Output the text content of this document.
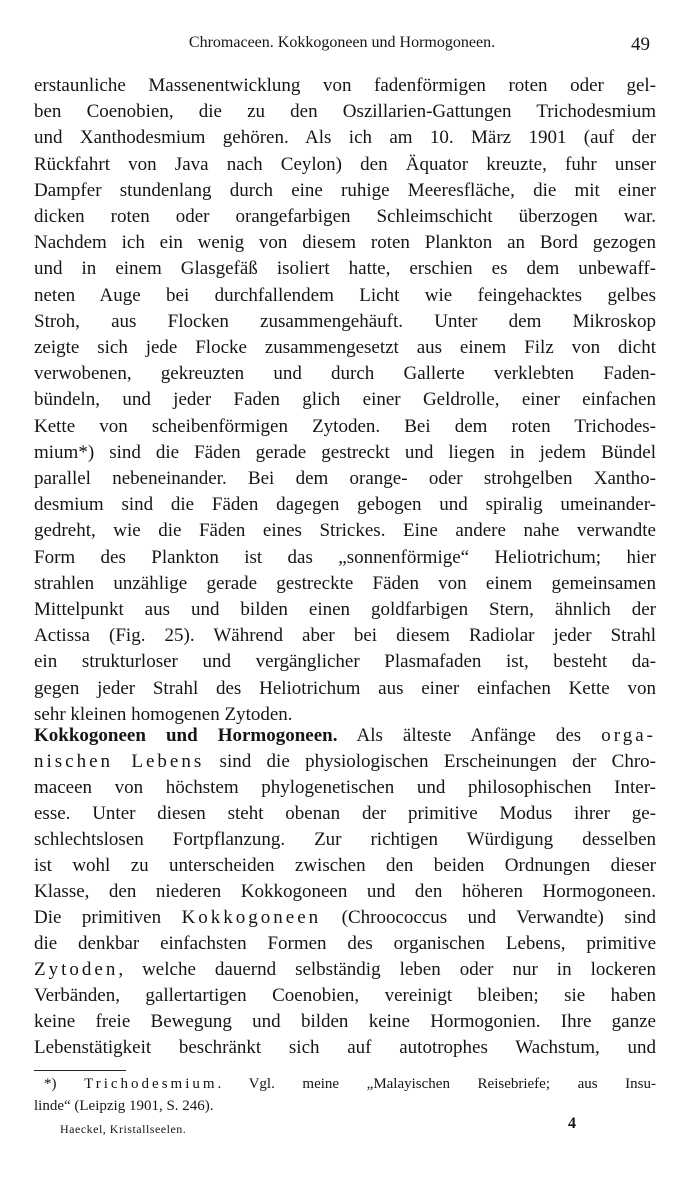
Chromaceen. Kokkogoneen und Hormogoneen.	49
erstaunliche Massenentwicklung von fadenförmigen roten oder gel-
ben Coenobien, die zu den Oszillarien-Gattungen Trichodesmium
und Xanthodesmium gehören. Als ich am 10. März 1901 (auf der
Rückfahrt von Java nach Ceylon) den Äquator kreuzte, fuhr unser
Dampfer stundenlang durch eine ruhige Meeresfläche, die mit einer
dicken roten oder orangefarbigen Schleimschicht überzogen war.
Nachdem ich ein wenig von diesem roten Plankton an Bord gezogen
und in einem Glasgefäß isoliert hatte, erschien es dem unbewaff-
neten Auge bei durchfallendem Licht wie feingehacktes gelbes
Stroh, aus Flocken zusammengehäuft. Unter dem Mikroskop
zeigte sich jede Flocke zusammengesetzt aus einem Filz von dicht
verwobenen, gekreuzten und durch Gallerte verklebten Faden-
bündeln, und jeder Faden glich einer Geldrolle, einer einfachen
Kette von scheibenförmigen Zytoden. Bei dem roten Trichodes-
mium*) sind die Fäden gerade gestreckt und liegen in jedem Bündel
parallel nebeneinander. Bei dem orange- oder strohgelben Xantho-
desmium sind die Fäden dagegen gebogen und spiralig umeinander-
gedreht, wie die Fäden eines Strickes. Eine andere nahe verwandte
Form des Plankton ist das „sonnenförmige“ Heliotrichum; hier
strahlen unzählige gerade gestreckte Fäden von einem gemeinsamen
Mittelpunkt aus und bilden einen goldfarbigen Stern, ähnlich der
Actissa (Fig. 25). Während aber bei diesem Radiolar jeder Strahl
ein strukturloser und vergänglicher Plasmafaden ist, besteht da-
gegen jeder Strahl des Heliotrichum aus einer einfachen Kette von
sehr kleinen homogenen Zytoden.
Kokkogoneen und Hormogoneen. Als älteste Anfänge des orga-
nischen Lebens sind die physiologischen Erscheinungen der Chro-
maceen von höchstem phylogenetischen und philosophischen Inter-
esse. Unter diesen steht obenan der primitive Modus ihrer ge-
schlechtslosen Fortpflanzung. Zur richtigen Würdigung desselben
ist wohl zu unterscheiden zwischen den beiden Ordnungen dieser
Klasse, den niederen Kokkogoneen und den höheren Hormogoneen.
Die primitiven Kokkogoneen (Chroococcus und Verwandte) sind
die denkbar einfachsten Formen des organischen Lebens, primitive
Zytoden, welche dauernd selbständig leben oder nur in lockeren
Verbänden, gallertartigen Coenobien, vereinigt bleiben; sie haben
keine freie Bewegung und bilden keine Hormogonien. Ihre ganze
Lebenstätigkeit beschränkt sich auf autotrophes Wachstum, und
*) Trichodesmium. Vgl. meine „Malayischen Reisebriefe; aus Insu-
linde“ (Leipzig 1901, S. 246).
Haeckel, Kristallseelen.	4
